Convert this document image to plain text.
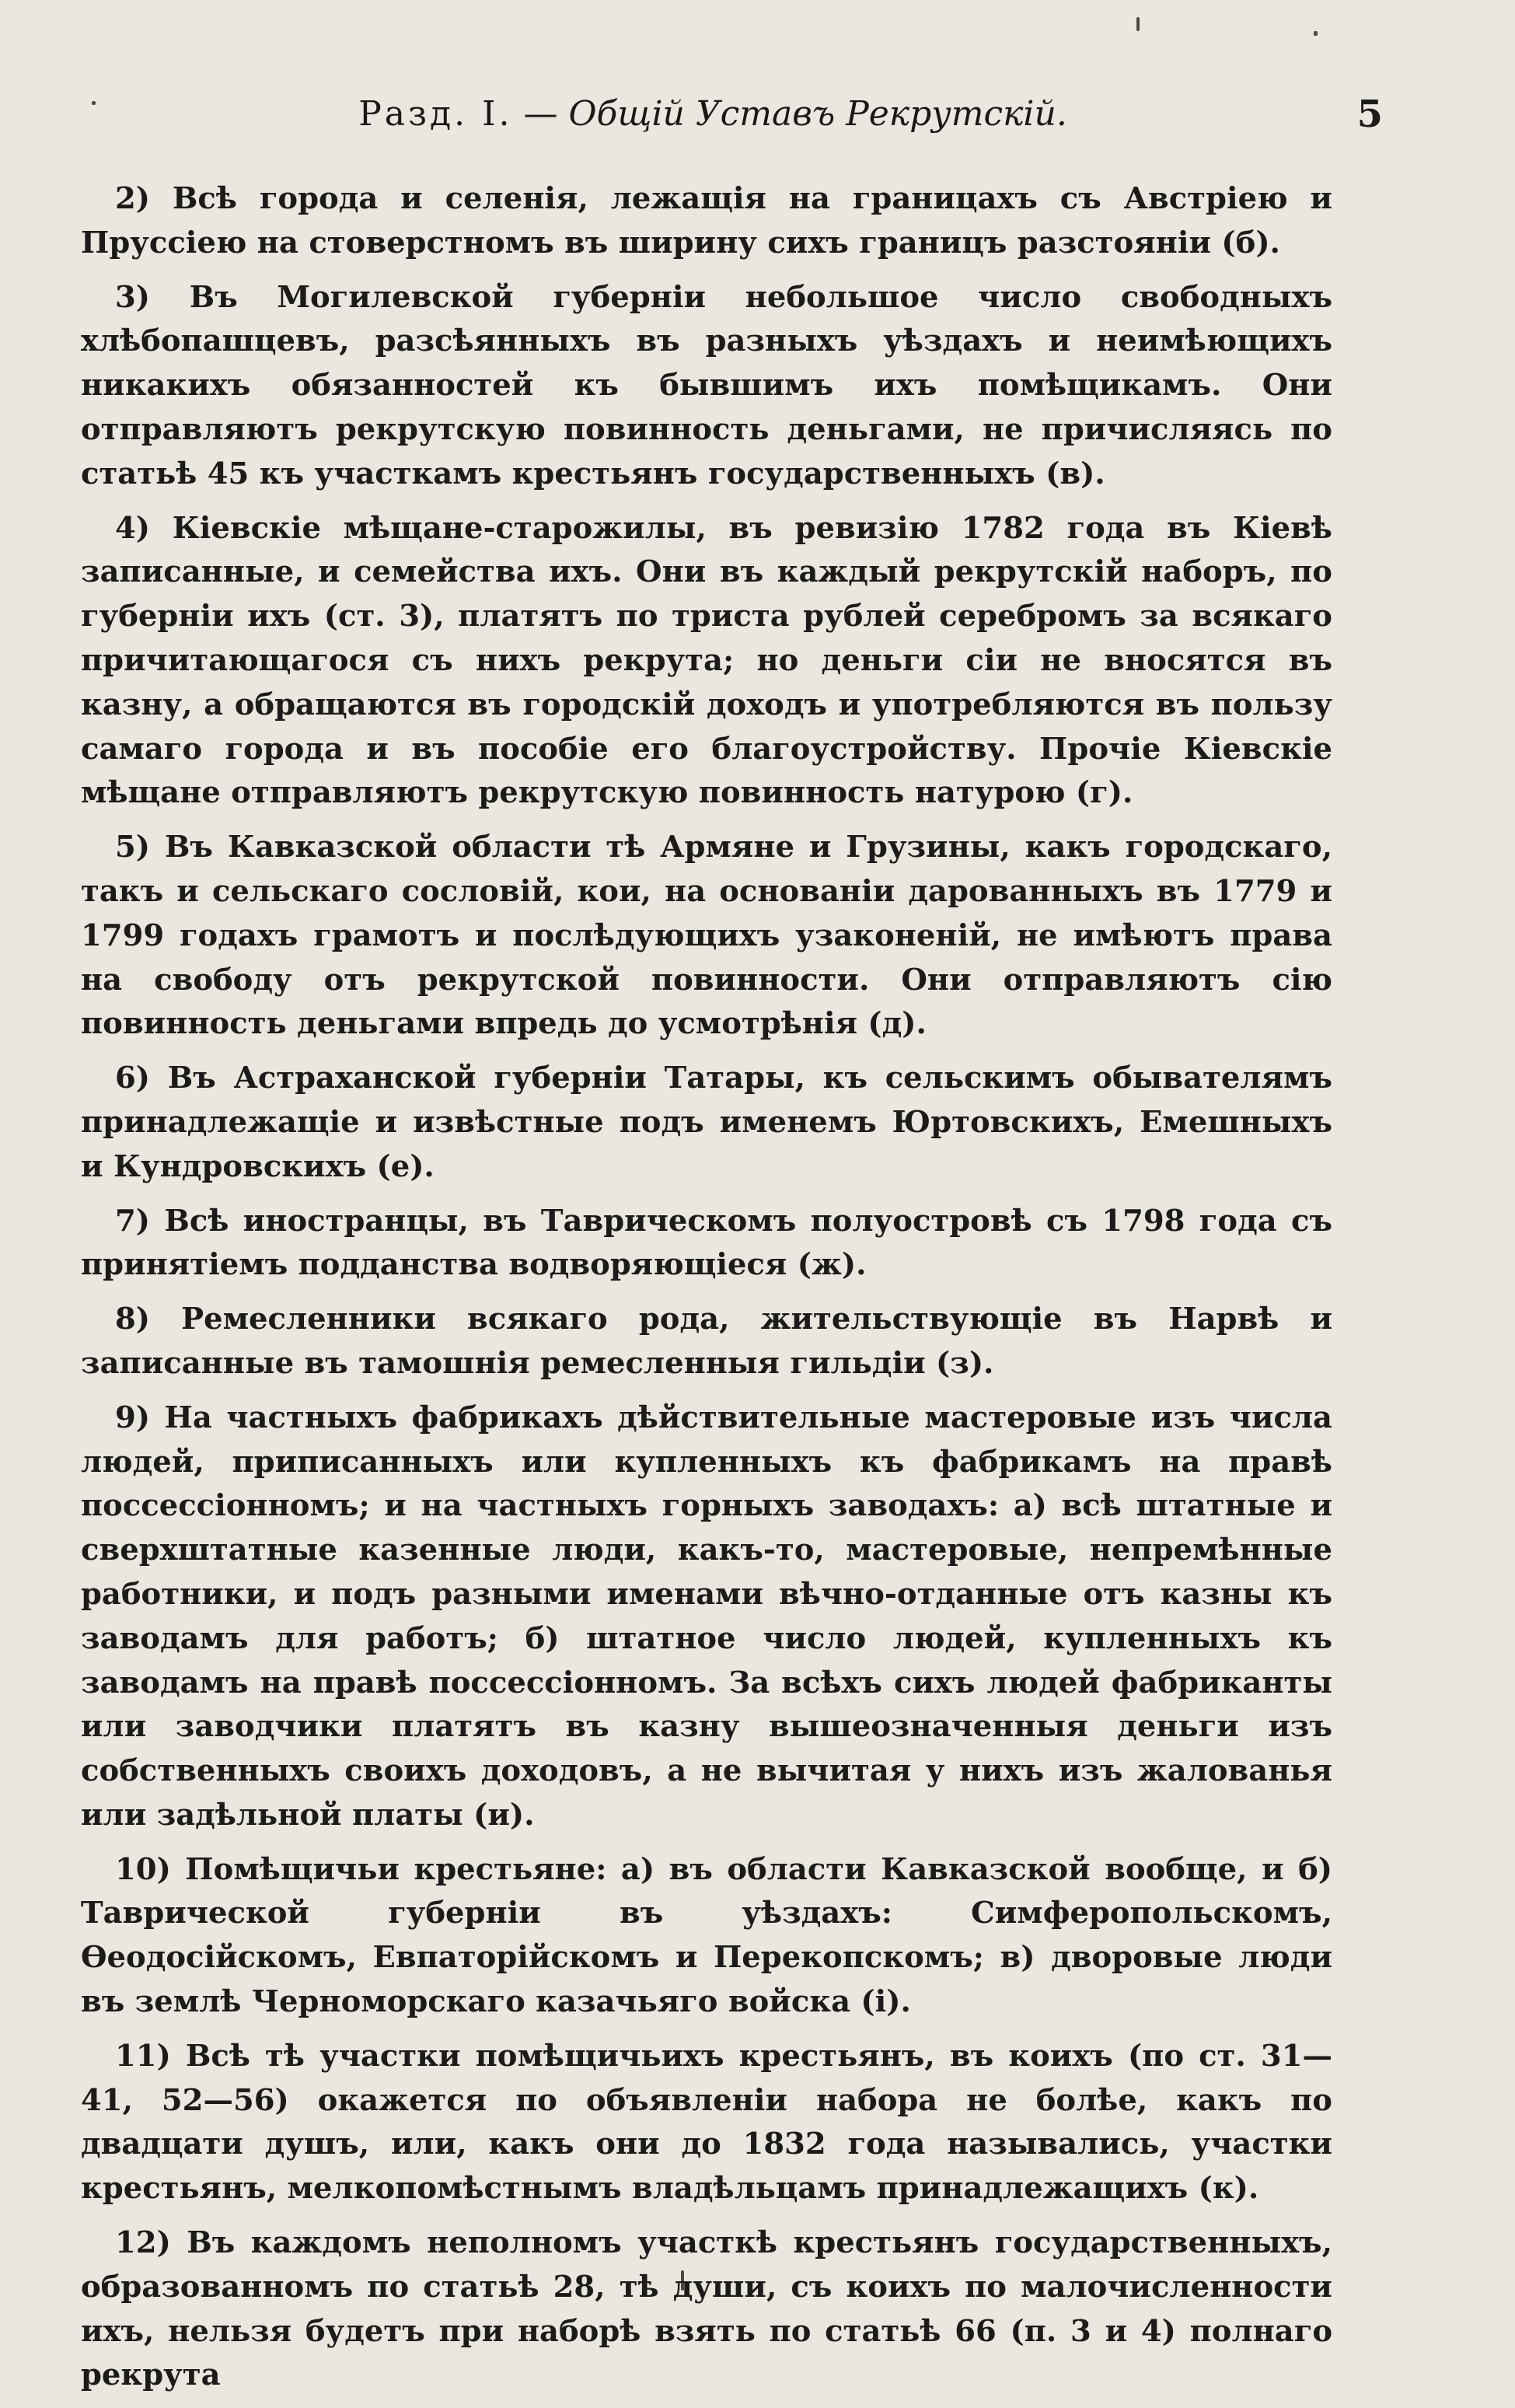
Разд. I. — Общій Уставъ Рекрутскій.	5

2) Всѣ города и селенія, лежащія на границахъ съ Австріею и Пруссіею на стоверстномъ въ ширину сихъ границъ разстояніи (б).

3) Въ Могилевской губерніи небольшое число свободныхъ хлѣбопашцевъ, разсѣянныхъ въ разныхъ уѣздахъ и неимѣющихъ никакихъ обязанностей къ бывшимъ ихъ помѣщикамъ. Они отправляютъ рекрутскую повинность деньгами, не причисляясь по статьѣ 45 къ участкамъ крестьянъ государственныхъ (в).

4) Кіевскіе мѣщане-старожилы, въ ревизію 1782 года въ Кіевѣ записанные, и семейства ихъ. Они въ каждый рекрутскій наборъ, по губерніи ихъ (ст. 3), платятъ по триста рублей серебромъ за всякаго причитающагося съ нихъ рекрута; но деньги сіи не вносятся въ казну, а обращаются въ городскій доходъ и употребляются въ пользу самаго города и въ пособіе его благоустройству. Прочіе Кіевскіе мѣщане отправляютъ рекрутскую повинность натурою (г).

5) Въ Кавказской области тѣ Армяне и Грузины, какъ городскаго, такъ и сельскаго сословій, кои, на основаніи дарованныхъ въ 1779 и 1799 годахъ грамотъ и послѣдующихъ узаконеній, не имѣютъ права на свободу отъ рекрутской повинности. Они отправляютъ сію повинность деньгами впредь до усмотрѣнія (д).

6) Въ Астраханской губерніи Татары, къ сельскимъ обывателямъ принадлежащіе и извѣстные подъ именемъ Юртовскихъ, Емешныхъ и Кундровскихъ (е).

7) Всѣ иностранцы, въ Таврическомъ полуостровѣ съ 1798 года съ принятіемъ подданства водворяющіеся (ж).

8) Ремесленники всякаго рода, жительствующіе въ Нарвѣ и записанные въ тамошнія ремесленныя гильдіи (з).

9) На частныхъ фабрикахъ дѣйствительные мастеровые изъ числа людей, приписанныхъ или купленныхъ къ фабрикамъ на правѣ поссессіонномъ; и на частныхъ горныхъ заводахъ: а) всѣ штатные и сверхштатные казенные люди, какъ-то, мастеровые, непремѣнные работники, и подъ разными именами вѣчно-отданные отъ казны къ заводамъ для работъ; б) штатное число людей, купленныхъ къ заводамъ на правѣ поссессіонномъ. За всѣхъ сихъ людей фабриканты или заводчики платятъ въ казну вышеозначенныя деньги изъ собственныхъ своихъ доходовъ, а не вычитая у нихъ изъ жалованья или задѣльной платы (и).

10) Помѣщичьи крестьяне: а) въ области Кавказской вообще, и б) Таврической губерніи въ уѣздахъ: Симферопольскомъ, Ѳеодосійскомъ, Евпаторійскомъ и Перекопскомъ; в) дворовые люди въ землѣ Черноморскаго казачьяго войска (і).

11) Всѣ тѣ участки помѣщичьихъ крестьянъ, въ коихъ (по ст. 31—41, 52—56) окажется по объявленіи набора не болѣе, какъ по двадцати душъ, или, какъ они до 1832 года назывались, участки крестьянъ, мелкопомѣстнымъ владѣльцамъ принадлежащихъ (к).

12) Въ каждомъ неполномъ участкѣ крестьянъ государственныхъ, образованномъ по статьѣ 28, тѣ души, съ коихъ по малочисленности ихъ, нельзя будетъ при наборѣ взять по статьѣ 66 (п. 3 и 4) полнаго рекрута
